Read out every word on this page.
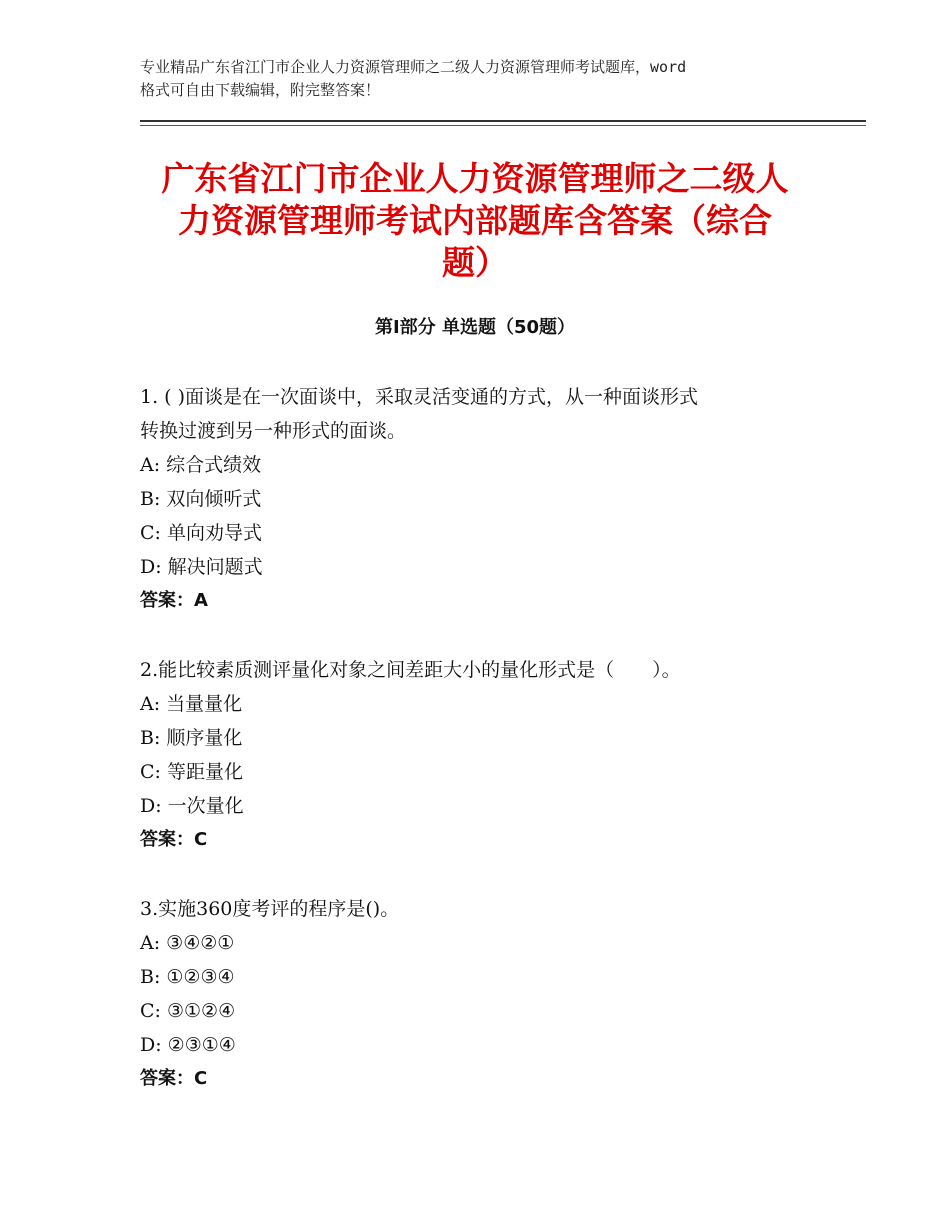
专业精品广东省江门市企业人力资源管理师之二级人力资源管理师考试题库，word
格式可自由下载编辑，附完整答案！
广东省江门市企业人力资源管理师之二级人
力资源管理师考试内部题库含答案（综合
题）
第Ⅰ部分 单选题（50题）

1. ( )面谈是在一次面谈中，采取灵活变通的方式，从一种面谈形式

转换过渡到另一种形式的面谈。

A: 综合式绩效

B: 双向倾听式

C: 单向劝导式

D: 解决问题式

答案：A

2.能比较素质测评量化对象之间差距大小的量化形式是（　　）。

A: 当量量化

B: 顺序量化

C: 等距量化

D: 一次量化

答案：C

3.实施360度考评的程序是()。

A: ③④②①

B: ①②③④

C: ③①②④

D: ②③①④

答案：C
